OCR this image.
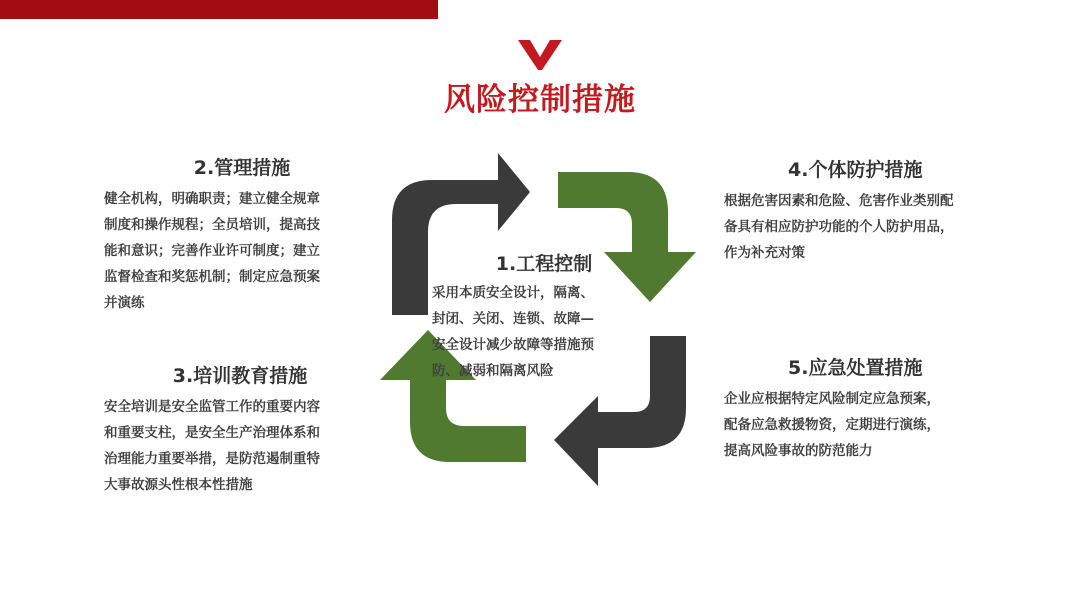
风险控制措施
1.工程控制
采用本质安全设计，隔离、
封闭、关闭、连锁、故障—
安全设计减少故障等措施预
防、减弱和隔离风险
2.管理措施
健全机构，明确职责；建立健全规章
制度和操作规程；全员培训，提高技
能和意识；完善作业许可制度；建立
监督检查和奖惩机制；制定应急预案
并演练
3.培训教育措施
安全培训是安全监管工作的重要内容
和重要支柱，是安全生产治理体系和
治理能力重要举措，是防范遏制重特
大事故源头性根本性措施
4.个体防护措施
根据危害因素和危险、危害作业类别配
备具有相应防护功能的个人防护用品，
作为补充对策
5.应急处置措施
企业应根据特定风险制定应急预案，
配备应急救援物资，定期进行演练，
提高风险事故的防范能力
